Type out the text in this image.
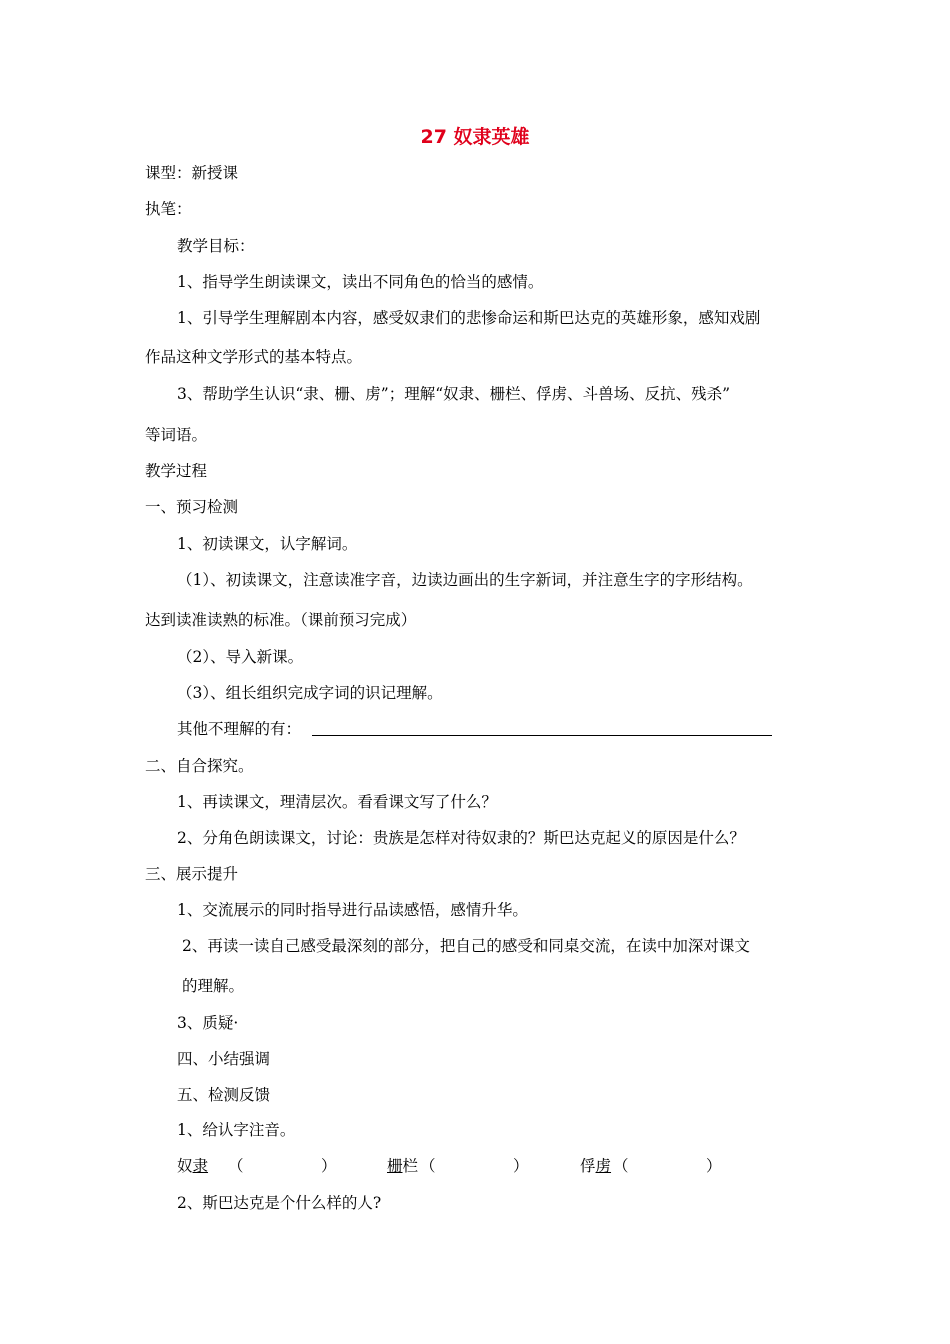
27 奴隶英雄
课型：新授课
执笔：
教学目标：
1、指导学生朗读课文，读出不同角色的恰当的感情。
1、引导学生理解剧本内容，感受奴隶们的悲惨命运和斯巴达克的英雄形象，感知戏剧
作品这种文学形式的基本特点。
3、帮助学生认识“隶、栅、虏”；理解“奴隶、栅栏、俘虏、斗兽场、反抗、残杀”
等词语。
教学过程
一、预习检测
1、初读课文，认字解词。
（1）、初读课文，注意读准字音，边读边画出的生字新词，并注意生字的字形结构。
达到读准读熟的标准。（课前预习完成）
（2）、导入新课。
（3）、组长组织完成字词的识记理解。
其他不理解的有：
二、自合探究。
1、再读课文，理清层次。看看课文写了什么？
2、分角色朗读课文，讨论：贵族是怎样对待奴隶的？斯巴达克起义的原因是什么？
三、展示提升
1、交流展示的同时指导进行品读感悟，感情升华。
2、再读一读自己感受最深刻的部分，把自己的感受和同桌交流，在读中加深对课文
的理解。
3、质疑·
四、小结强调
五、检测反馈
1、给认字注音。
奴隶 （　　　　　）	栅栏 （　　　　　）	俘虏 （　　　　　）
2、斯巴达克是个什么样的人?
